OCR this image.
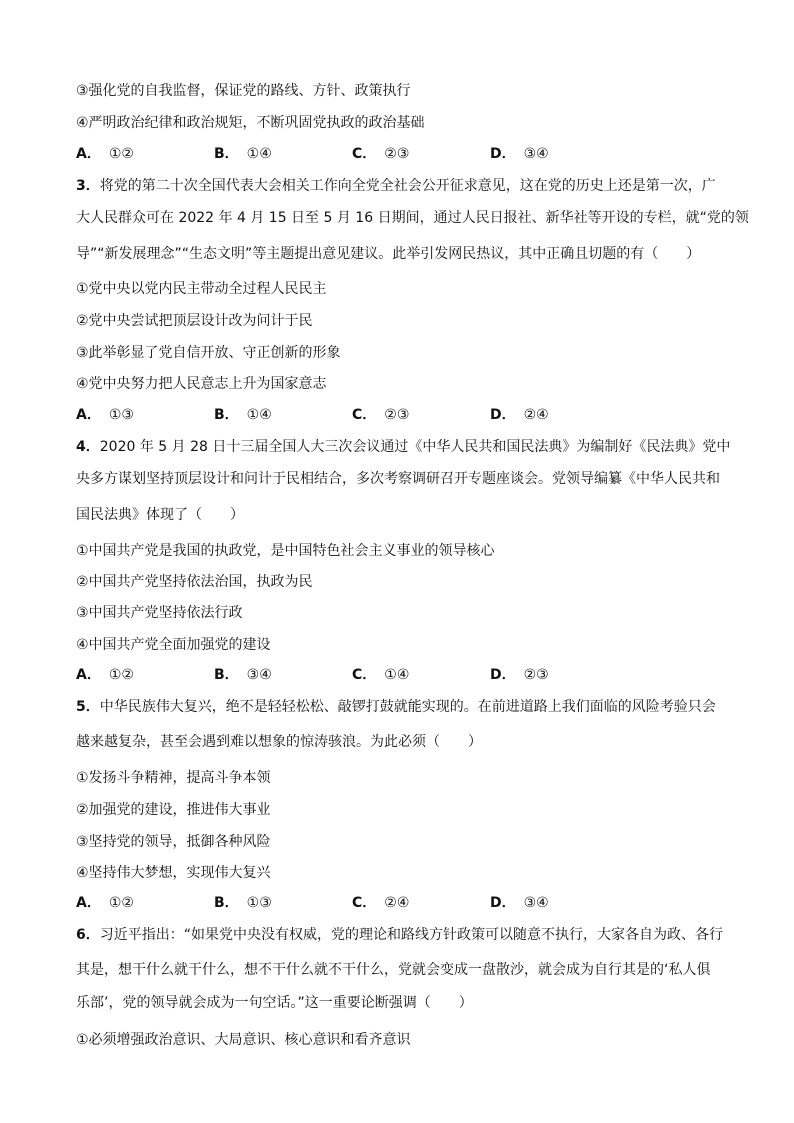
③强化党的自我监督，保证党的路线、方针、政策执行
④严明政治纪律和政治规矩，不断巩固党执政的政治基础
A． ①②	B． ①④	C． ②③	D． ③④
3．将党的第二十次全国代表大会相关工作向全党全社会公开征求意见，这在党的历史上还是第一次，广
大人民群众可在 2022 年 4 月 15 日至 5 月 16 日期间，通过人民日报社、新华社等开设的专栏，就“党的领
导”“新发展理念”“生态文明”等主题提出意见建议。此举引发网民热议，其中正确且切题的有（　　）
①党中央以党内民主带动全过程人民民主
②党中央尝试把顶层设计改为问计于民
③此举彰显了党自信开放、守正创新的形象
④党中央努力把人民意志上升为国家意志
A． ①③	B． ①④	C． ②③	D． ②④
4．2020 年 5 月 28 日十三届全国人大三次会议通过《中华人民共和国民法典》为编制好《民法典》党中
央多方谋划坚持顶层设计和问计于民相结合，多次考察调研召开专题座谈会。党领导编纂《中华人民共和
国民法典》体现了（　　）
①中国共产党是我国的执政党，是中国特色社会主义事业的领导核心
②中国共产党坚持依法治国，执政为民
③中国共产党坚持依法行政
④中国共产党全面加强党的建设
A． ①②	B． ③④	C． ①④	D． ②③
5．中华民族伟大复兴，绝不是轻轻松松、敲锣打鼓就能实现的。在前进道路上我们面临的风险考验只会
越来越复杂，甚至会遇到难以想象的惊涛骇浪。为此必须（　　）
①发扬斗争精神，提高斗争本领
②加强党的建设，推进伟大事业
③坚持党的领导，抵御各种风险
④坚持伟大梦想，实现伟大复兴
A． ①②	B． ①③	C． ②④	D． ③④
6．习近平指出：“如果党中央没有权威，党的理论和路线方针政策可以随意不执行，大家各自为政、各行
其是，想干什么就干什么，想不干什么就不干什么，党就会变成一盘散沙，就会成为自行其是的‘私人俱
乐部’，党的领导就会成为一句空话。”这一重要论断强调（　　）
①必须增强政治意识、大局意识、核心意识和看齐意识
